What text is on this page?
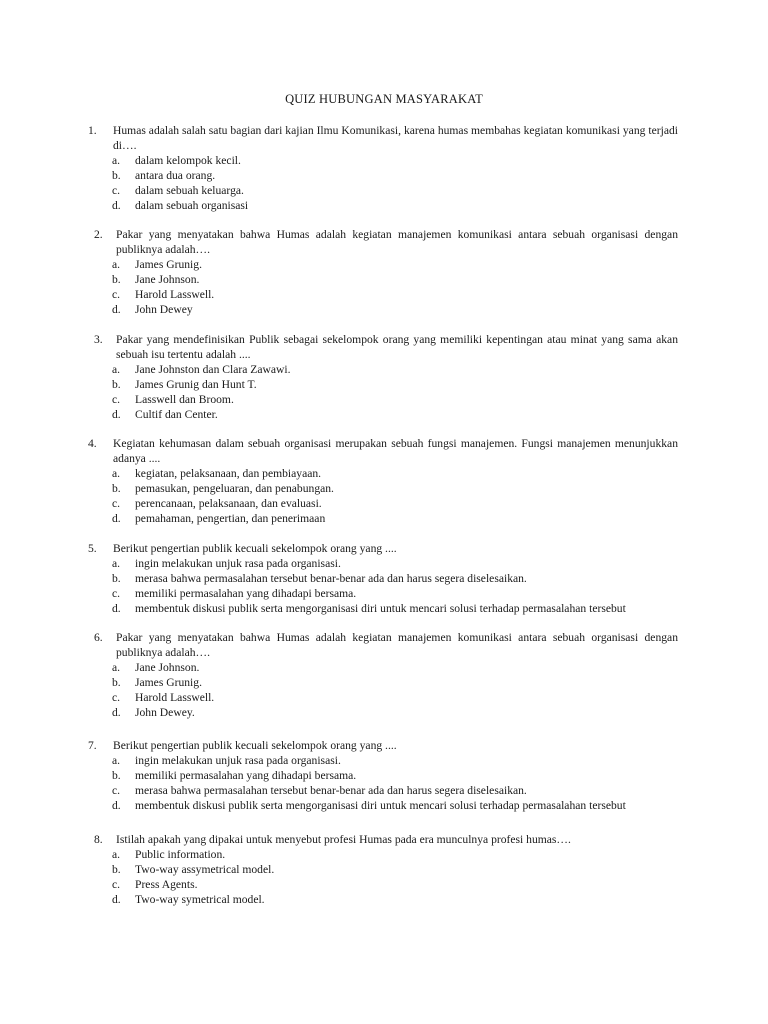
QUIZ HUBUNGAN MASYARAKAT
1. Humas adalah salah satu bagian dari kajian Ilmu Komunikasi, karena humas membahas kegiatan komunikasi yang terjadi di….
a. dalam kelompok kecil.
b. antara dua orang.
c. dalam sebuah keluarga.
d. dalam sebuah organisasi
2. Pakar yang menyatakan bahwa Humas adalah kegiatan manajemen komunikasi antara sebuah organisasi dengan publiknya adalah….
a. James Grunig.
b. Jane Johnson.
c. Harold Lasswell.
d. John Dewey
3. Pakar yang mendefinisikan Publik sebagai sekelompok orang yang memiliki kepentingan atau minat yang sama akan sebuah isu tertentu adalah ....
a. Jane Johnston dan Clara Zawawi.
b. James Grunig dan Hunt T.
c. Lasswell dan Broom.
d. Cultif dan Center.
4. Kegiatan kehumasan dalam sebuah organisasi merupakan sebuah fungsi manajemen. Fungsi manajemen menunjukkan adanya ....
a. kegiatan, pelaksanaan, dan pembiayaan.
b. pemasukan, pengeluaran, dan penabungan.
c. perencanaan, pelaksanaan, dan evaluasi.
d. pemahaman, pengertian, dan penerimaan
5. Berikut pengertian publik kecuali sekelompok orang yang ....
a. ingin melakukan unjuk rasa pada organisasi.
b. merasa bahwa permasalahan tersebut benar-benar ada dan harus segera diselesaikan.
c. memiliki permasalahan yang dihadapi bersama.
d. membentuk diskusi publik serta mengorganisasi diri untuk mencari solusi terhadap permasalahan tersebut
6. Pakar yang menyatakan bahwa Humas adalah kegiatan manajemen komunikasi antara sebuah organisasi dengan publiknya adalah….
a. Jane Johnson.
b. James Grunig.
c. Harold Lasswell.
d. John Dewey.
7. Berikut pengertian publik kecuali sekelompok orang yang ....
a. ingin melakukan unjuk rasa pada organisasi.
b. memiliki permasalahan yang dihadapi bersama.
c. merasa bahwa permasalahan tersebut benar-benar ada dan harus segera diselesaikan.
d. membentuk diskusi publik serta mengorganisasi diri untuk mencari solusi terhadap permasalahan tersebut
8. Istilah apakah yang dipakai untuk menyebut profesi Humas pada era munculnya profesi humas….
a. Public information.
b. Two-way assymetrical model.
c. Press Agents.
d. Two-way symetrical model.
